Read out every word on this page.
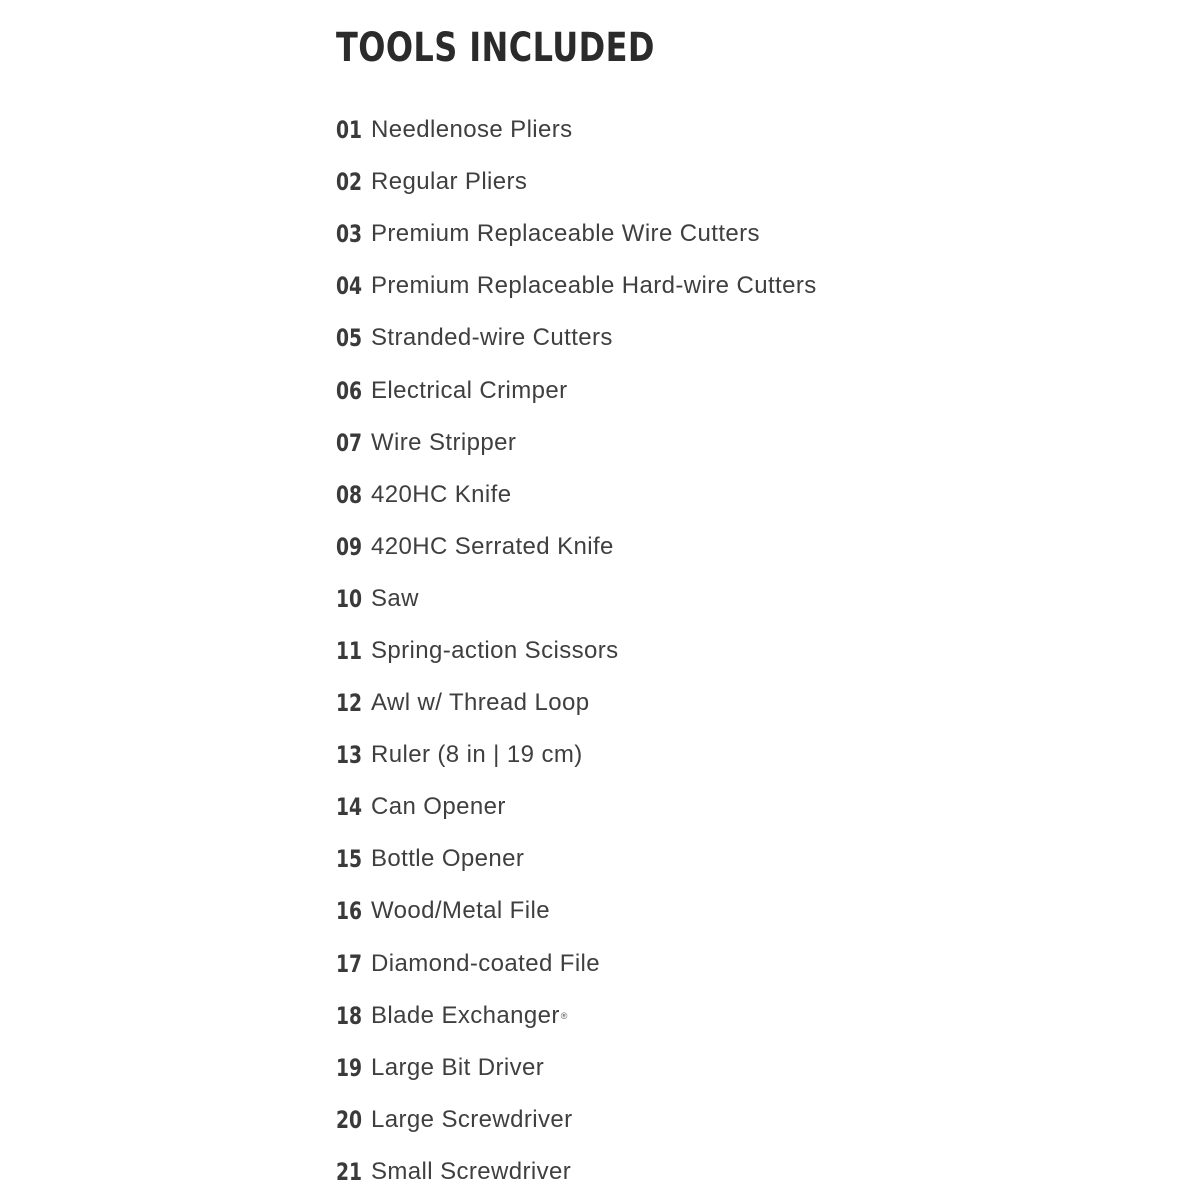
TOOLS INCLUDED
01 Needlenose Pliers
02 Regular Pliers
03 Premium Replaceable Wire Cutters
04 Premium Replaceable Hard-wire Cutters
05 Stranded-wire Cutters
06 Electrical Crimper
07 Wire Stripper
08 420HC Knife
09 420HC Serrated Knife
10 Saw
11 Spring-action Scissors
12 Awl w/ Thread Loop
13 Ruler (8 in | 19 cm)
14 Can Opener
15 Bottle Opener
16 Wood/Metal File
17 Diamond-coated File
18 Blade Exchanger ®
19 Large Bit Driver
20 Large Screwdriver
21 Small Screwdriver
